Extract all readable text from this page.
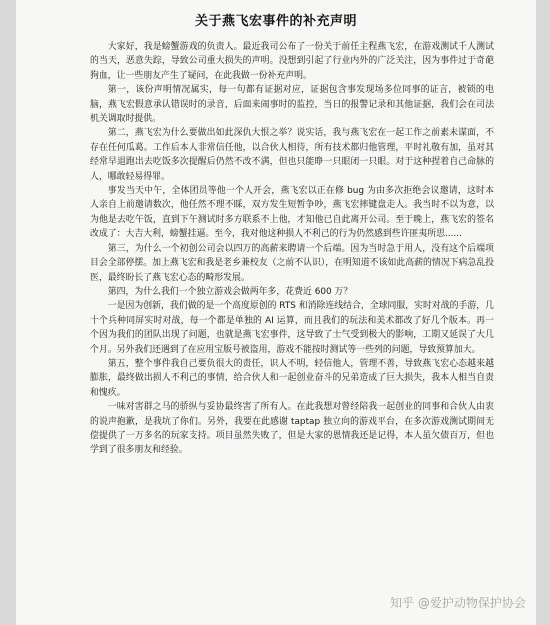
关于燕飞宏事件的补充声明

大家好，我是螃蟹游戏的负责人。最近我司公布了一份关于前任主程燕飞宏，在游戏测试千人测试的当天，恶意失踪，导致公司重大损失的声明。没想到引起了行业内外的广泛关注，因为事件过于奇葩狗血，让一些朋友产生了疑问，在此我做一份补充声明。

第一，该份声明情况属实，每一句都有证据对应，证据包含事发现场多位同事的证言，被锁的电脑，燕飞宏假意承认错误时的录音，后面来闹事时的监控，当日的报警记录和其他证据，我们会在司法机关调取时提供。

第二，燕飞宏为什么要做出如此深仇大恨之举？说实话，我与燕飞宏在一起工作之前素未谋面，不存在任何瓜葛。工作后本人非常信任他，以合伙人相待，所有技术都归他管理，平时礼敬有加，虽对其经常早退跑出去吃饭多次提醒后仍然不改不满，但也只能睁一只眼闭一只眼。对于这种捏着自己命脉的人，哪敢轻易得罪。

事发当天中午，全体团员等他一个人开会，燕飞宏以正在修 bug 为由多次拒绝会议邀请，这时本人亲自上前邀请数次，他任然不理不睬，双方发生短暂争吵，燕飞宏摔键盘走人。我当时不以为意，以为他是去吃午饭，直到下午测试时多方联系不上他，才知他已自此离开公司。至于晚上，燕飞宏的签名改成了：大吉大利，螃蟹挂逼。至今，我对他这种损人不利己的行为仍然感到些许匪夷所思......

第三，为什么一个初创公司会以四万的高薪来聘请一个后端。因为当时急于用人，没有这个后端项目会全部停摆。加上燕飞宏和我是老乡兼校友（之前不认识），在明知道不该如此高薪的情况下病急乱投医，最终盼长了燕飞宏心态的畸形发展。

第四，为什么我们一个独立游戏会做两年多，花费近 600 万？

一是因为创新，我们做的是一个高度原创的 RTS 和消除连线结合，全球同服，实时对战的手游，几十个兵种同屏实时对战，每一个都是单独的 AI 运算，而且我们的玩法和美术都改了好几个版本。再一个因为我们的团队出现了问题，也就是燕飞宏事件，这导致了士气受到极大的影响，工期又延误了大几个月。另外我们还遇到了在应用宝版号被盗用，游戏不能按时测试等一些列的问题，导致预算加大。

第五，整个事件我自己要负很大的责任，识人不明，轻信他人，管理不善，导致燕飞宏心态越来越膨胀，最终做出损人不利己的事情，给合伙人和一起创业奋斗的兄弟造成了巨大损失，我本人相当自责和愧疚。

一味对害群之马的骄纵与妥协最终害了所有人。在此我想对曾经陪我一起创业的同事和合伙人由衷的说声抱歉，是我坑了你们。另外，我要在此感谢 taptap 独立向的游戏平台，在多次游戏测试期间无偿提供了一万多名的玩家支持。项目虽然失败了，但是大家的恩情我还是记得，本人虽欠债百万，但也学到了很多朋友和经验。

知乎 @爱护动物保护协会
